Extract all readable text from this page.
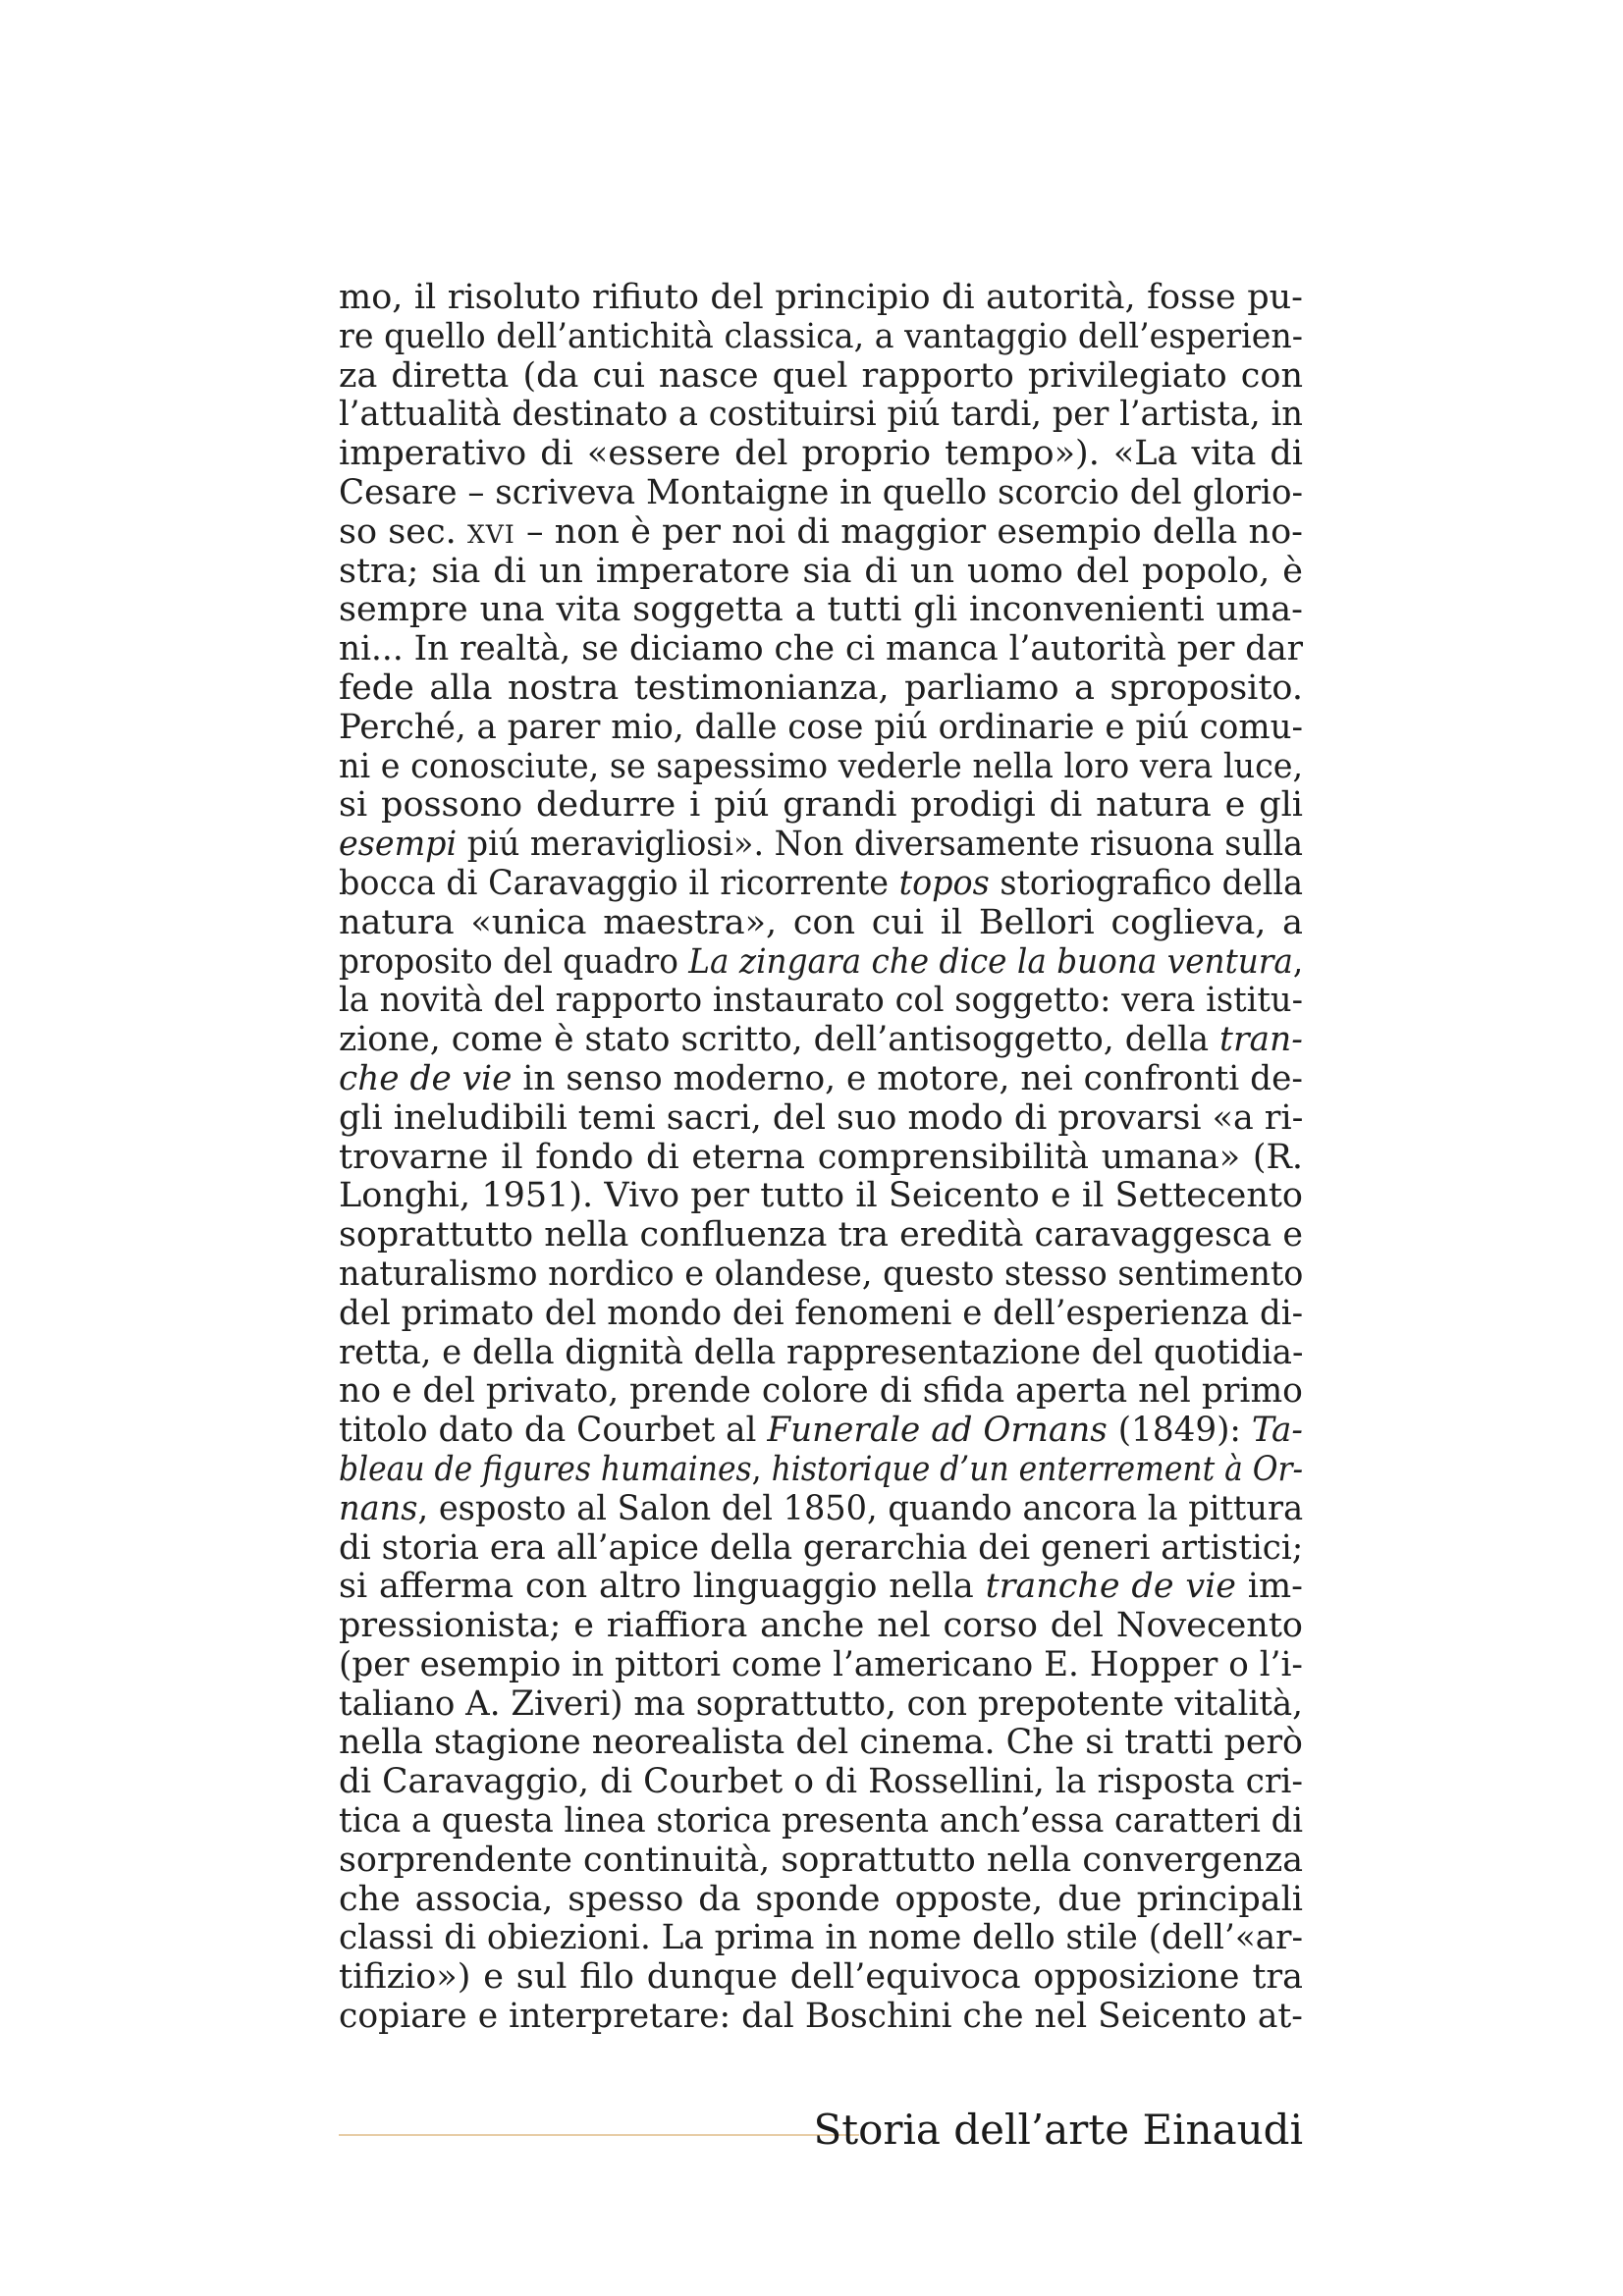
mo, il risoluto rifiuto del principio di autorità, fosse pu-
re quello dell’antichità classica, a vantaggio dell’esperien-
za diretta (da cui nasce quel rapporto privilegiato con
l’attualità destinato a costituirsi piú tardi, per l’artista, in
imperativo di «essere del proprio tempo»). «La vita di
Cesare – scriveva Montaigne in quello scorcio del glorio-
so sec. xvi – non è per noi di maggior esempio della no-
stra; sia di un imperatore sia di un uomo del popolo, è
sempre una vita soggetta a tutti gli inconvenienti uma-
ni... In realtà, se diciamo che ci manca l’autorità per dar
fede alla nostra testimonianza, parliamo a sproposito.
Perché, a parer mio, dalle cose piú ordinarie e piú comu-
ni e conosciute, se sapessimo vederle nella loro vera luce,
si possono dedurre i piú grandi prodigi di natura e gli
esempi piú meravigliosi». Non diversamente risuona sulla
bocca di Caravaggio il ricorrente topos storiografico della
natura «unica maestra», con cui il Bellori coglieva, a
proposito del quadro La zingara che dice la buona ventura,
la novità del rapporto instaurato col soggetto: vera istitu-
zione, come è stato scritto, dell’antisoggetto, della tran-
che de vie in senso moderno, e motore, nei confronti de-
gli ineludibili temi sacri, del suo modo di provarsi «a ri-
trovarne il fondo di eterna comprensibilità umana» (R.
Longhi, 1951). Vivo per tutto il Seicento e il Settecento
soprattutto nella confluenza tra eredità caravaggesca e
naturalismo nordico e olandese, questo stesso sentimento
del primato del mondo dei fenomeni e dell’esperienza di-
retta, e della dignità della rappresentazione del quotidia-
no e del privato, prende colore di sfida aperta nel primo
titolo dato da Courbet al Funerale ad Ornans (1849): Ta-
bleau de figures humaines, historique d’un enterrement à Or-
nans, esposto al Salon del 1850, quando ancora la pittura
di storia era all’apice della gerarchia dei generi artistici;
si afferma con altro linguaggio nella tranche de vie im-
pressionista; e riaffiora anche nel corso del Novecento
(per esempio in pittori come l’americano E. Hopper o l’i-
taliano A. Ziveri) ma soprattutto, con prepotente vitalità,
nella stagione neorealista del cinema. Che si tratti però
di Caravaggio, di Courbet o di Rossellini, la risposta cri-
tica a questa linea storica presenta anch’essa caratteri di
sorprendente continuità, soprattutto nella convergenza
che associa, spesso da sponde opposte, due principali
classi di obiezioni. La prima in nome dello stile (dell’«ar-
tifizio») e sul filo dunque dell’equivoca opposizione tra
copiare e interpretare: dal Boschini che nel Seicento at-
Storia dell’arte Einaudi
